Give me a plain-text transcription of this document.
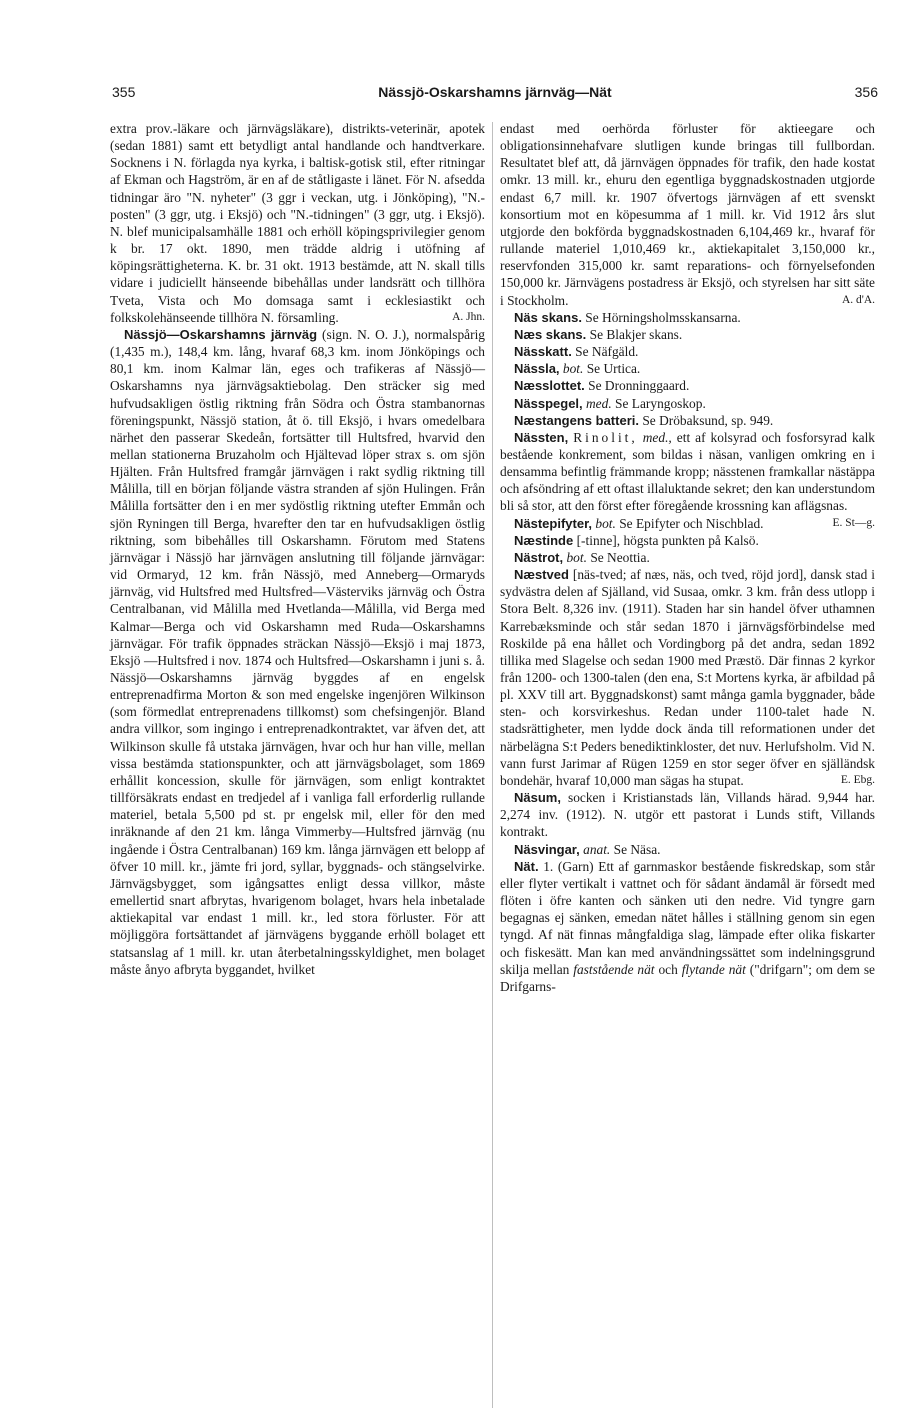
355	Nässjö-Oskarshamns järnväg—Nät	356

extra prov.-läkare och järnvägsläkare), distrikts-veterinär, apotek (sedan 1881) samt ett betydligt antal handlande och handtverkare. Socknens i N. förlagda nya kyrka, i baltisk-gotisk stil, efter ritningar af Ekman och Hagström, är en af de ståtligaste i länet. För N. afsedda tidningar äro "N. nyheter" (3 ggr i veckan, utg. i Jönköping), "N.-posten" (3 ggr, utg. i Eksjö) och "N.-tidningen" (3 ggr, utg. i Eksjö). N. blef municipalsamhälle 1881 och erhöll köpingsprivilegier genom k br. 17 okt. 1890, men trädde aldrig i utöfning af köpingsrättigheterna. K. br. 31 okt. 1913 bestämde, att N. skall tills vidare i judiciellt hänseende bibehållas under landsrätt och tillhöra Tveta, Vista och Mo domsaga samt i ecklesiastikt och folkskolehänseende tillhöra N. församling.	A. Jhn.

Nässjö—Oskarshamns järnväg (sign. N. O. J.), normalspårig (1,435 m.), 148,4 km. lång, hvaraf 68,3 km. inom Jönköpings och 80,1 km. inom Kalmar län, eges och trafikeras af Nässjö—Oskarshamns nya järnvägsaktiebolag. Den sträcker sig med hufvudsakligen östlig riktning från Södra och Östra stambanornas föreningspunkt, Nässjö station, åt ö. till Eksjö, i hvars omedelbara närhet den passerar Skedeån, fortsätter till Hultsfred, hvarvid den mellan stationerna Bruzaholm och Hjältevad löper strax s. om sjön Hjälten. Från Hultsfred framgår järnvägen i rakt sydlig riktning till Målilla, till en början följande västra stranden af sjön Hulingen. Från Målilla fortsätter den i en mer sydöstlig riktning utefter Emmån och sjön Ryningen till Berga, hvarefter den tar en hufvudsakligen östlig riktning, som bibehålles till Oskarshamn. Förutom med Statens järnvägar i Nässjö har järnvägen anslutning till följande järnvägar: vid Ormaryd, 12 km. från Nässjö, med Anneberg—Ormaryds järnväg, vid Hultsfred med Hultsfred—Västerviks järnväg och Östra Centralbanan, vid Målilla med Hvetlanda—Målilla, vid Berga med Kalmar—Berga och vid Oskarshamn med Ruda—Oskarshamns järnvägar. För trafik öppnades sträckan Nässjö—Eksjö i maj 1873, Eksjö —Hultsfred i nov. 1874 och Hultsfred—Oskarshamn i juni s. å. Nässjö—Oskarshamns järnväg byggdes af en engelsk entreprenadfirma Morton & son med engelske ingenjören Wilkinson (som förmedlat entreprenadens tillkomst) som chefsingenjör. Bland andra villkor, som ingingo i entreprenadkontraktet, var äfven det, att Wilkinson skulle få utstaka järnvägen, hvar och hur han ville, mellan vissa bestämda stationspunkter, och att järnvägsbolaget, som 1869 erhållit koncession, skulle för järnvägen, som enligt kontraktet tillförsäkrats endast en tredjedel af i vanliga fall erforderlig rullande materiel, betala 5,500 pd st. pr engelsk mil, eller för den med inräknande af den 21 km. långa Vimmerby—Hultsfred järnväg (nu ingående i Östra Centralbanan) 169 km. långa järnvägen ett belopp af öfver 10 mill. kr., jämte fri jord, syllar, byggnads- och stängselvirke. Järnvägsbygget, som igångsattes enligt dessa villkor, måste emellertid snart afbrytas, hvarigenom bolaget, hvars hela inbetalade aktiekapital var endast 1 mill. kr., led stora förluster. För att möjliggöra fortsättandet af järnvägens byggande erhöll bolaget ett statsanslag af 1 mill. kr. utan återbetalningsskyldighet, men bolaget måste ånyo afbryta byggandet, hvilket

endast med oerhörda förluster för aktieegare och obligationsinnehafvare slutligen kunde bringas till fullbordan. Resultatet blef att, då järnvägen öppnades för trafik, den hade kostat omkr. 13 mill. kr., ehuru den egentliga byggnadskostnaden utgjorde endast 6,7 mill. kr. 1907 öfvertogs järnvägen af ett svenskt konsortium mot en köpesumma af 1 mill. kr. Vid 1912 års slut utgjorde den bokförda byggnadskostnaden 6,104,469 kr., hvaraf för rullande materiel 1,010,469 kr., aktiekapitalet 3,150,000 kr., reservfonden 315,000 kr. samt reparations- och förnyelsefonden 150,000 kr. Järnvägens postadress är Eksjö, och styrelsen har sitt säte i Stockholm.	A. d'A.

Näs skans. Se Hörningsholmsskansarna.

Næs skans. Se Blakjer skans.

Nässkatt. Se Näfgäld.

Nässla, bot. Se Urtica.

Næsslottet. Se Dronninggaard.

Nässpegel, med. Se Laryngoskop.

Næstangens batteri. Se Dröbaksund, sp. 949.

Nässten, Rinolit, med., ett af kolsyrad och fosforsyrad kalk bestående konkrement, som bildas i näsan, vanligen omkring en i densamma befintlig främmande kropp; nässtenen framkallar nästäppa och afsöndring af ett oftast illaluktande sekret; den kan understundom bli så stor, att den först efter föregående krossning kan aflägsnas.
E. St—g.

Nästepifyter, bot. Se Epifyter och Nischblad.

Næstinde [-tinne], högsta punkten på Kalsö.

Nästrot, bot. Se Neottia.

Næstved [näs-tved; af næs, näs, och tved, röjd jord], dansk stad i sydvästra delen af Själland, vid Susaa, omkr. 3 km. från dess utlopp i Stora Belt. 8,326 inv. (1911). Staden har sin handel öfver uthamnen Karrebæksminde och står sedan 1870 i järnvägsförbindelse med Roskilde på ena hållet och Vordingborg på det andra, sedan 1892 tillika med Slagelse och sedan 1900 med Præstö. Där finnas 2 kyrkor från 1200- och 1300-talen (den ena, S:t Mortens kyrka, är afbildad på pl. XXV till art. Byggnadskonst) samt många gamla byggnader, både sten- och korsvirkeshus. Redan under 1100-talet hade N. stadsrättigheter, men lydde dock ända till reformationen under det närbelägna S:t Peders benediktinkloster, det nuv. Herlufsholm. Vid N. vann furst Jarimar af Rügen 1259 en stor seger öfver en själländsk bondehär, hvaraf 10,000 man sägas ha stupat.	E. Ebg.

Näsum, socken i Kristianstads län, Villands härad. 9,944 har. 2,274 inv. (1912). N. utgör ett pastorat i Lunds stift, Villands kontrakt.

Näsvingar, anat. Se Näsa.

Nät. 1. (Garn) Ett af garnmaskor bestående fiskredskap, som står eller flyter vertikalt i vattnet och för sådant ändamål är försedt med flöten i öfre kanten och sänken uti den nedre. Vid tyngre garn begagnas ej sänken, emedan nätet hålles i ställning genom sin egen tyngd. Af nät finnas mångfaldiga slag, lämpade efter olika fiskarter och fiskesätt. Man kan med användningssättet som indelningsgrund skilja mellan faststående nät och flytande nät ("drifgarn"; om dem se Drifgarns-
